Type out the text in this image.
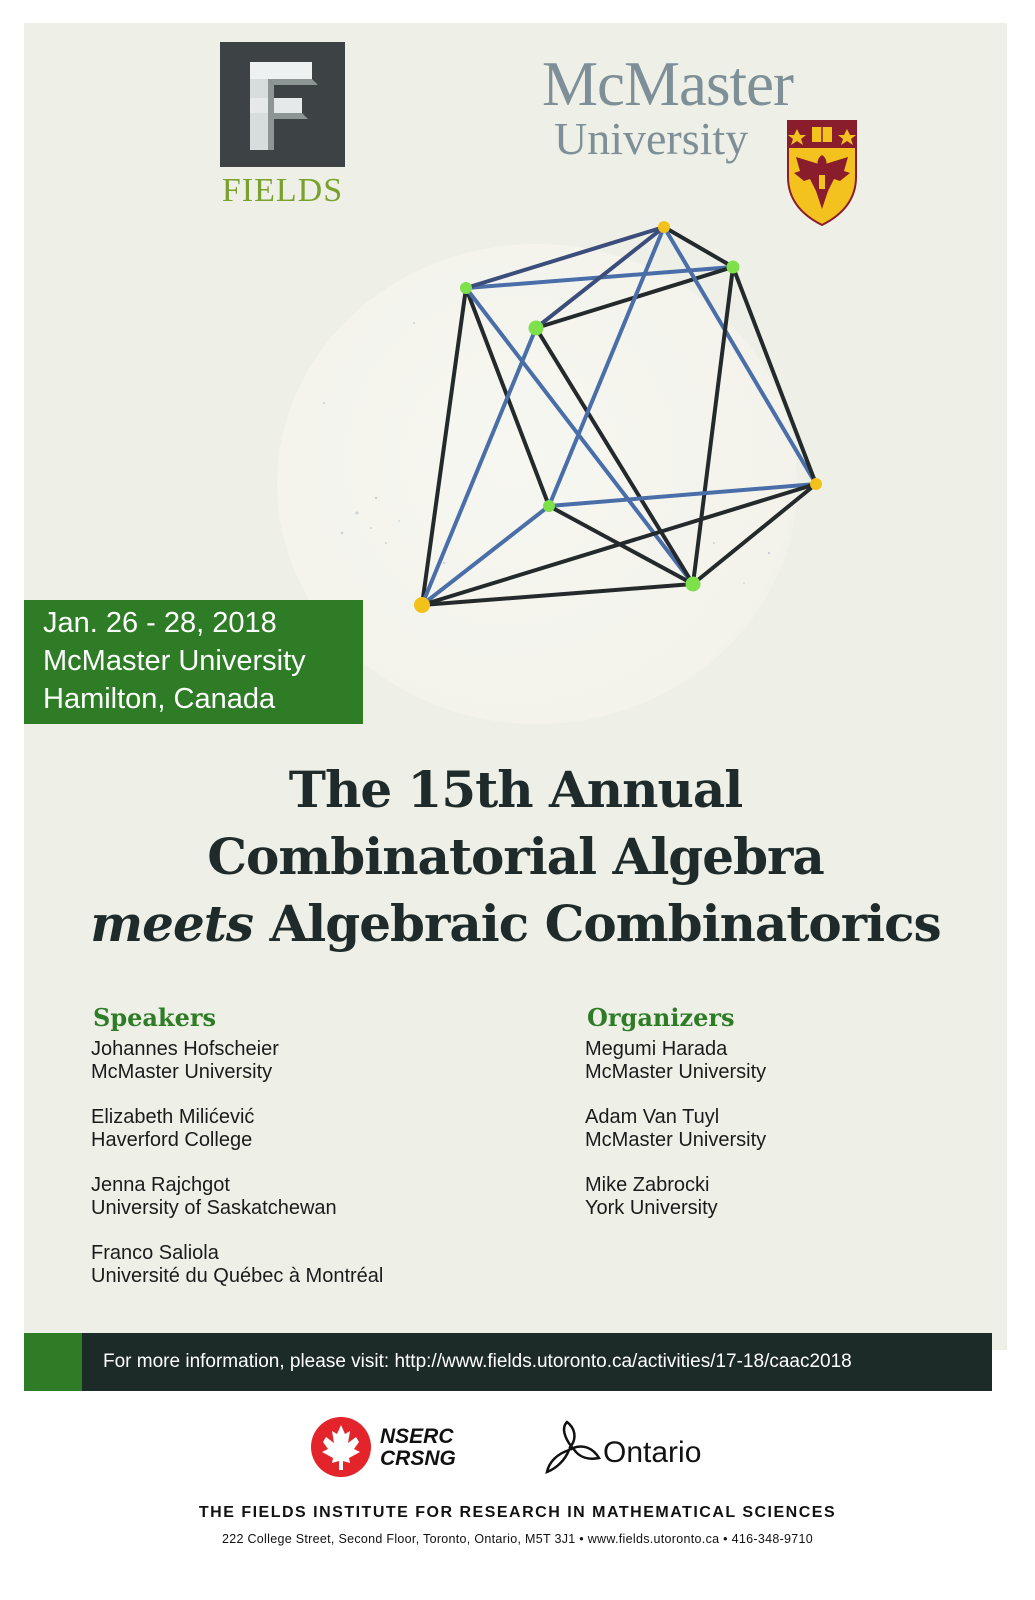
FIELDS
McMaster
University
Jan. 26 - 28, 2018
McMaster University
Hamilton, Canada
The 15th Annual
Combinatorial Algebra
meets Algebraic Combinatorics
Speakers
Johannes Hofscheier
McMaster University
Elizabeth Milićević
Haverford College
Jenna Rajchgot
University of Saskatchewan
Franco Saliola
Université du Québec à Montréal
Organizers
Megumi Harada
McMaster University
Adam Van Tuyl
McMaster University
Mike Zabrocki
York University
For more information, please visit: http://www.fields.utoronto.ca/activities/17-18/caac2018
NSERC
CRSNG	Ontario
THE FIELDS INSTITUTE FOR RESEARCH IN MATHEMATICAL SCIENCES
222 College Street, Second Floor, Toronto, Ontario, M5T 3J1 • www.fields.utoronto.ca • 416-348-9710
